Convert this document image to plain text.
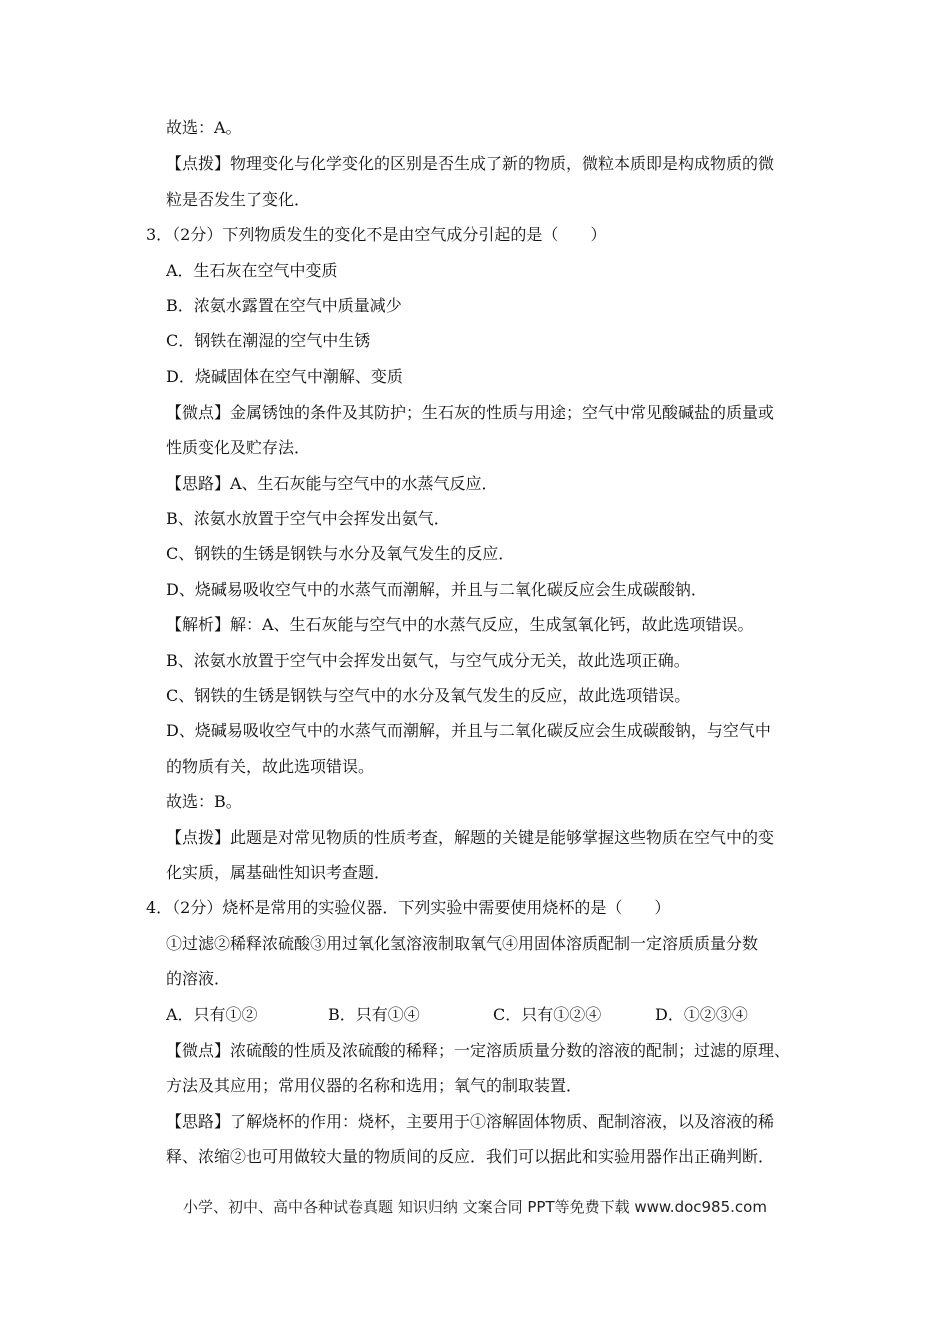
故选：A。
【点拨】物理变化与化学变化的区别是否生成了新的物质，微粒本质即是构成物质的微
粒是否发生了变化．
3．（2分）下列物质发生的变化不是由空气成分引起的是（　　）
A．生石灰在空气中变质
B．浓氨水露置在空气中质量减少
C．钢铁在潮湿的空气中生锈
D．烧碱固体在空气中潮解、变质
【微点】金属锈蚀的条件及其防护；生石灰的性质与用途；空气中常见酸碱盐的质量或
性质变化及贮存法．
【思路】A、生石灰能与空气中的水蒸气反应．
B、浓氨水放置于空气中会挥发出氨气．
C、钢铁的生锈是钢铁与水分及氧气发生的反应．
D、烧碱易吸收空气中的水蒸气而潮解，并且与二氧化碳反应会生成碳酸钠．
【解析】解：A、生石灰能与空气中的水蒸气反应，生成氢氧化钙，故此选项错误。
B、浓氨水放置于空气中会挥发出氨气，与空气成分无关，故此选项正确。
C、钢铁的生锈是钢铁与空气中的水分及氧气发生的反应，故此选项错误。
D、烧碱易吸收空气中的水蒸气而潮解，并且与二氧化碳反应会生成碳酸钠，与空气中
的物质有关，故此选项错误。
故选：B。
【点拨】此题是对常见物质的性质考查，解题的关键是能够掌握这些物质在空气中的变
化实质，属基础性知识考查题．
4．（2分）烧杯是常用的实验仪器．下列实验中需要使用烧杯的是（　　）
①过滤②稀释浓硫酸③用过氧化氢溶液制取氧气④用固体溶质配制一定溶质质量分数
的溶液．
A．只有①②	B．只有①④	C．只有①②④	D．①②③④
【微点】浓硫酸的性质及浓硫酸的稀释；一定溶质质量分数的溶液的配制；过滤的原理、
方法及其应用；常用仪器的名称和选用；氧气的制取装置．
【思路】了解烧杯的作用：烧杯，主要用于①溶解固体物质、配制溶液，以及溶液的稀
释、浓缩②也可用做较大量的物质间的反应．我们可以据此和实验用器作出正确判断．
小学、初中、高中各种试卷真题 知识归纳 文案合同 PPT等免费下载 www.doc985.com
